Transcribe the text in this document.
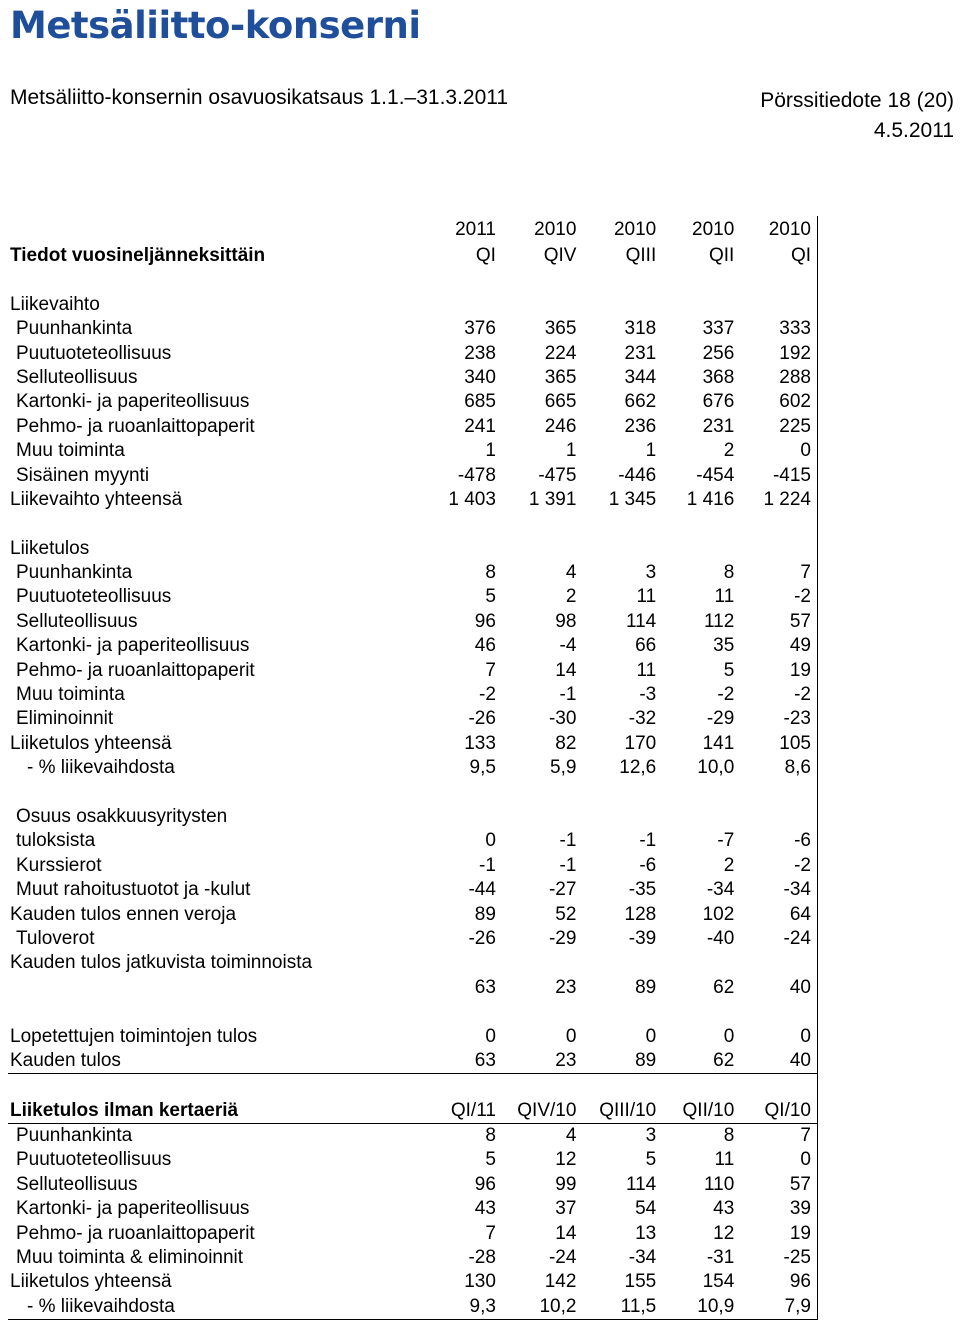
Metsäliitto-konserni
Metsäliitto-konsernin osavuosikatsaus 1.1.–31.3.2011	Pörssitiedote 18 (20)
4.5.2011
	2011	2010	2010	2010	2010
Tiedot vuosineljänneksittäin	QI	QIV	QIII	QII	QI

Liikevaihto					
Puunhankinta	376	365	318	337	333
Puutuoteteollisuus	238	224	231	256	192
Selluteollisuus	340	365	344	368	288
Kartonki- ja paperiteollisuus	685	665	662	676	602
Pehmo- ja ruoanlaittopaperit	241	246	236	231	225
Muu toiminta	1	1	1	2	0
Sisäinen myynti	-478	-475	-446	-454	-415
Liikevaihto yhteensä	1 403	1 391	1 345	1 416	1 224

Liiketulos					
Puunhankinta	8	4	3	8	7
Puutuoteteollisuus	5	2	11	11	-2
Selluteollisuus	96	98	114	112	57
Kartonki- ja paperiteollisuus	46	-4	66	35	49
Pehmo- ja ruoanlaittopaperit	7	14	11	5	19
Muu toiminta	-2	-1	-3	-2	-2
Eliminoinnit	-26	-30	-32	-29	-23
Liiketulos yhteensä	133	82	170	141	105
- % liikevaihdosta	9,5	5,9	12,6	10,0	8,6

Osuus osakkuusyritysten					
tuloksista	0	-1	-1	-7	-6
Kurssierot	-1	-1	-6	2	-2
Muut rahoitustuotot ja -kulut	-44	-27	-35	-34	-34
Kauden tulos ennen veroja	89	52	128	102	64
Tuloverot	-26	-29	-39	-40	-24
Kauden tulos jatkuvista toiminnoista					
	63	23	89	62	40

Lopetettujen toimintojen tulos	0	0	0	0	0
Kauden tulos	63	23	89	62	40

Liiketulos ilman kertaeriä	QI/11	QIV/10	QIII/10	QII/10	QI/10
Puunhankinta	8	4	3	8	7
Puutuoteteollisuus	5	12	5	11	0
Selluteollisuus	96	99	114	110	57
Kartonki- ja paperiteollisuus	43	37	54	43	39
Pehmo- ja ruoanlaittopaperit	7	14	13	12	19
Muu toiminta & eliminoinnit	-28	-24	-34	-31	-25
Liiketulos yhteensä	130	142	155	154	96
- % liikevaihdosta	9,3	10,2	11,5	10,9	7,9
